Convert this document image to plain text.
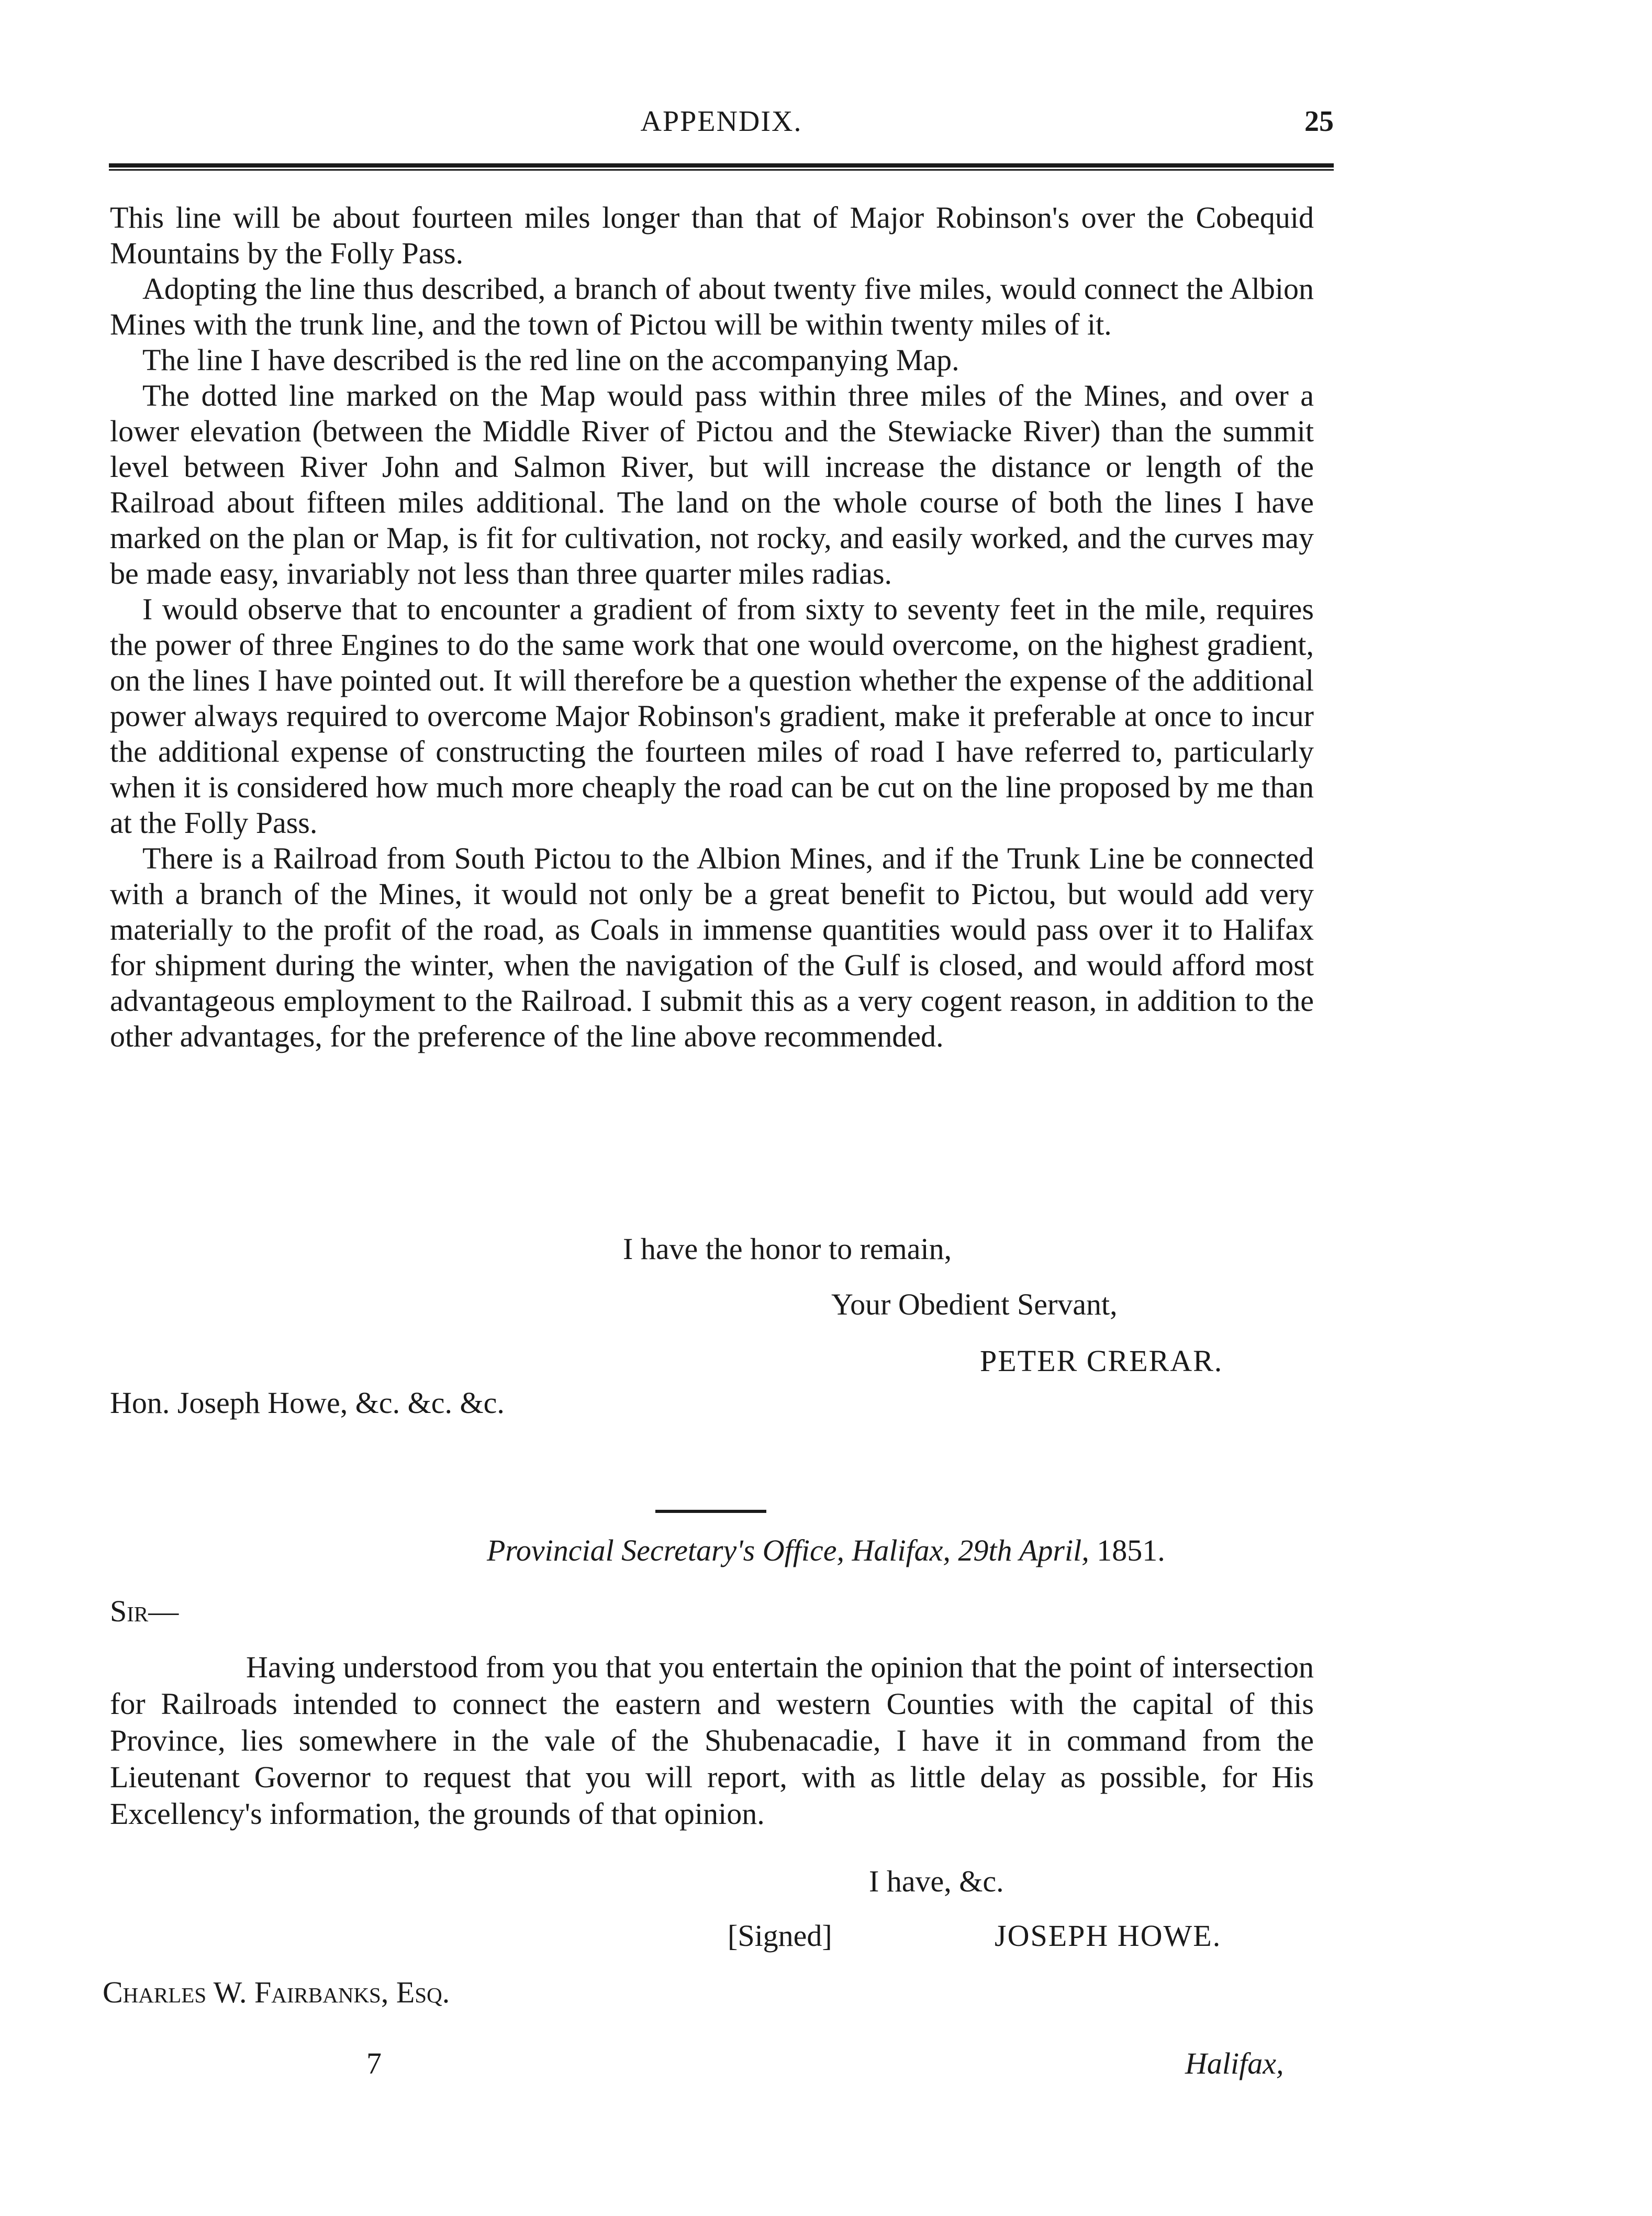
APPENDIX.	25

This line will be about fourteen miles longer than that of Major Robinson's over the Cobequid Mountains by the Folly Pass.

Adopting the line thus described, a branch of about twenty five miles, would connect the Albion Mines with the trunk line, and the town of Pictou will be within twenty miles of it.

The line I have described is the red line on the accompanying Map.

The dotted line marked on the Map would pass within three miles of the Mines, and over a lower elevation (between the Middle River of Pictou and the Stewiacke River) than the summit level between River John and Salmon River, but will increase the distance or length of the Railroad about fifteen miles additional. The land on the whole course of both the lines I have marked on the plan or Map, is fit for cultivation, not rocky, and easily worked, and the curves may be made easy, invariably not less than three quarter miles radias.

I would observe that to encounter a gradient of from sixty to seventy feet in the mile, requires the power of three Engines to do the same work that one would overcome, on the highest gradient, on the lines I have pointed out. It will therefore be a question whether the expense of the additional power always required to overcome Major Robinson's gradient, make it preferable at once to incur the additional expense of constructing the fourteen miles of road I have referred to, particularly when it is considered how much more cheaply the road can be cut on the line proposed by me than at the Folly Pass.

There is a Railroad from South Pictou to the Albion Mines, and if the Trunk Line be connected with a branch of the Mines, it would not only be a great benefit to Pictou, but would add very materially to the profit of the road, as Coals in immense quantities would pass over it to Halifax for shipment during the winter, when the navigation of the Gulf is closed, and would afford most advantageous employment to the Railroad. I submit this as a very cogent reason, in addition to the other advantages, for the preference of the line above recommended.

I have the honor to remain,
Your Obedient Servant,
PETER CRERAR.
Hon. Joseph Howe, &c. &c. &c.
Provincial Secretary's Office, Halifax, 29th April, 1851.
Sir—

Having understood from you that you entertain the opinion that the point of intersection for Railroads intended to connect the eastern and western Counties with the capital of this Province, lies somewhere in the vale of the Shubenacadie, I have it in command from the Lieutenant Governor to request that you will report, with as little delay as possible, for His Excellency's information, the grounds of that opinion.

I have, &c.
[Signed]	JOSEPH HOWE.
Charles W. Fairbanks, Esq.
7	Halifax,
